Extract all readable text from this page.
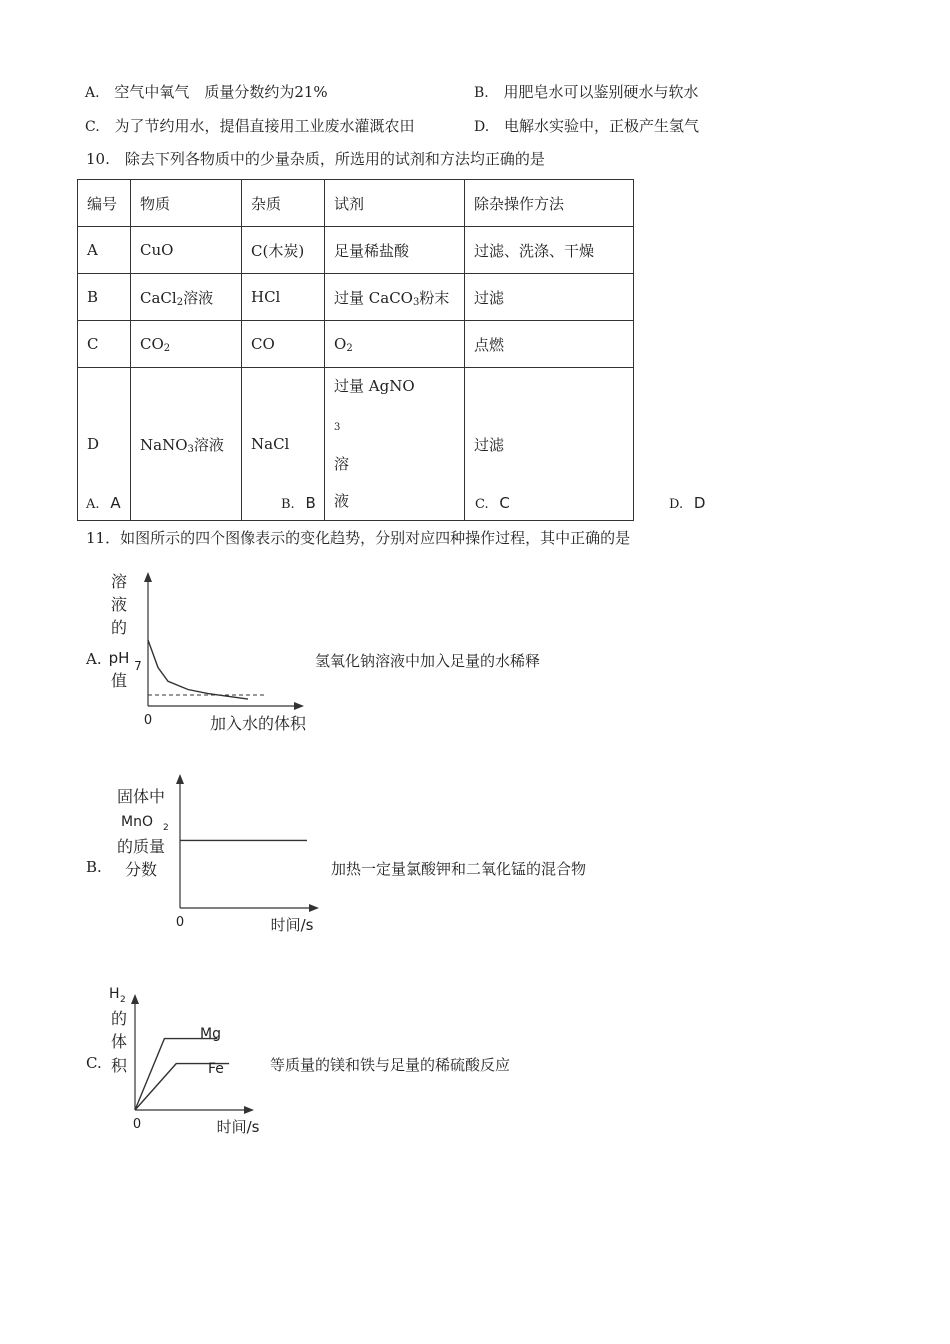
A. 空气中氧气　质量分数约为21%	B. 用肥皂水可以鉴别硬水与软水
C. 为了节约用水，提倡直接用工业废水灌溉农田	D. 电解水实验中，正极产生氢气
10.　除去下列各物质中的少量杂质，所选用的试剂和方法均正确的是
编号	物质	杂质	试剂	除杂操作方法
A	CuO	C(木炭)	足量稀盐酸	过滤、洗涤、干燥
B	CaCl$_2$溶液	HCl	过量 CaCO$_3$粉末	过滤
C	$CO_2$	CO	$O_2$	点燃
D	NaNO$_3$溶液	NaCl	过量 AgNO
$_3$
溶
液	过滤
A. A	B. B	C. C	D. D
11．如图所示的四个图像表示的变化趋势，分别对应四种操作过程，其中正确的是
A.
溶
液
的
pH
值
0
7
加入水的体积
氢氧化钠溶液中加入足量的水稀释
B.
固体中
MnO 2
的质量
分数
0	时间/s
加热一定量氯酸钾和二氧化锰的混合物
C.
H 2
的
体
积
0
Mg
Fe
时间/s
等质量的镁和铁与足量的稀硫酸反应
